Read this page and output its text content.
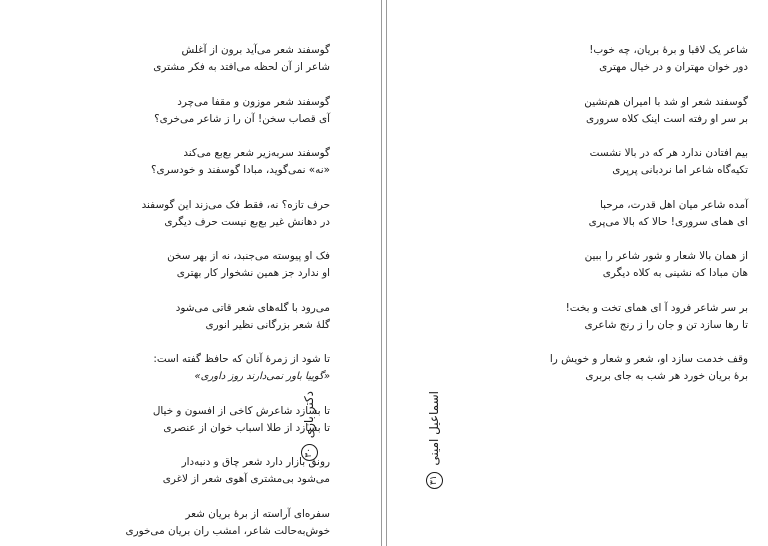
گوسفند شعر می‌آید برون از آغلش
شاعر از آن لحظه می‌افتد به فکر مشتری
گوسفند شعر موزون و مقفا می‌چرد
آی قصاب سخن! آن را ز شاعر می‌خری؟
گوسفند سربه‌زیر شعر بع‌بع می‌کند
«نه» نمی‌گوید، مبادا گوسفند و خودسری؟
حرف تازه؟ نه، فقط فک می‌زند این گوسفند
در دهانش غیر بع‌بع نیست حرف دیگری
فک او پیوسته می‌جنبد، نه از بهر سخن
او ندارد جز همین نشخوار کار بهتری
می‌رود با گله‌های شعر قاتی می‌شود
گلهٔ شعر بزرگانی نظیر انوری
تا شود از زمرهٔ آنان که حافظ گفته است:
«گوییا باور نمی‌دارند روز داوری»
تا بسازد شاعرش کاخی از افسون و خیال
تا بسازد از طلا اسباب خوان از عنصری
رونق بازار دارد شعر چاق و دنبه‌دار
می‌شود بی‌مشتری آهوی شعر از لاغری
سفره‌ای آراسته از برهٔ بریان شعر
خوش‌به‌حالت شاعر، امشب ران بریان می‌خوری
دکتر بازی
۳۰
شاعر یک لاقبا و برهٔ بریان، چه خوب!
دور خوان مهتران و در خیال مهتری
گوسفند شعر او شد با امیران هم‌نشین
بر سر او رفته است اینک کلاه سروری
بیم افتادن ندارد هر که در بالا نشست
تکیه‌گاه شاعر اما نردبانی پرپری
آمده شاعر میان اهل قدرت، مرحبا
ای همای سروری! حالا که بالا می‌پری
از همان بالا شعار و شور شاعر را ببین
هان مبادا که نشینی به کلاه دیگری
بر سر شاعر فرود آ ای همای تخت و بخت!
تا رها سازد تن و جان را ز رنج شاعری
وقف خدمت سازد او، شعر و شعار و خویش را
برهٔ بریان خورد هر شب به جای بربری
اسماعیل امینی
۳۱
